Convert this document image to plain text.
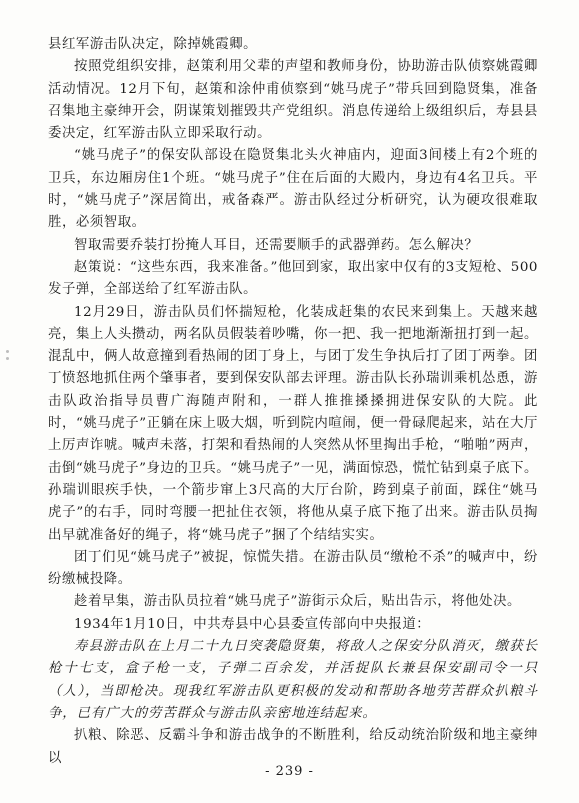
县红军游击队决定，除掉姚霞卿。

按照党组织安排，赵策利用父辈的声望和教师身份，协助游击队侦察姚霞卿活动情况。12月下旬，赵策和涂仲甫侦察到“姚马虎子”带兵回到隐贤集，准备召集地主豪绅开会，阴谋策划摧毁共产党组织。消息传递给上级组织后，寿县县委决定，红军游击队立即采取行动。

“姚马虎子”的保安队部设在隐贤集北头火神庙内，迎面3间楼上有2个班的卫兵，东边厢房住1个班。“姚马虎子”住在后面的大殿内，身边有4名卫兵。平时，“姚马虎子”深居简出，戒备森严。游击队经过分析研究，认为硬攻很难取胜，必须智取。

智取需要乔装打扮掩人耳目，还需要顺手的武器弹药。怎么解决？

赵策说：“这些东西，我来准备。”他回到家，取出家中仅有的3支短枪、500发子弹，全部送给了红军游击队。

12月29日，游击队员们怀揣短枪，化装成赶集的农民来到集上。天越来越亮，集上人头攒动，两名队员假装着吵嘴，你一把、我一把地渐渐扭打到一起。混乱中，俩人故意撞到看热闹的团丁身上，与团丁发生争执后打了团丁两拳。团丁愤怒地抓住两个肇事者，要到保安队部去评理。游击队长孙瑞训乘机怂恿，游击队政治指导员曹广海随声附和，一群人推推搡搡拥进保安队的大院。此时，“姚马虎子”正躺在床上吸大烟，听到院内喧闹，便一骨碌爬起来，站在大厅上厉声诈唬。喊声未落，打架和看热闹的人突然从怀里掏出手枪，“啪啪”两声，击倒“姚马虎子”身边的卫兵。“姚马虎子”一见，满面惊恐，慌忙钻到桌子底下。孙瑞训眼疾手快，一个箭步窜上3尺高的大厅台阶，跨到桌子前面，踩住“姚马虎子”的右手，同时弯腰一把扯住衣领，将他从桌子底下拖了出来。游击队员掏出早就准备好的绳子，将“姚马虎子”捆了个结结实实。

团丁们见“姚马虎子”被捉，惊慌失措。在游击队员“缴枪不杀”的喊声中，纷纷缴械投降。

趁着早集，游击队员拉着“姚马虎子”游街示众后，贴出告示，将他处决。

1934年1月10日，中共寿县中心县委宣传部向中央报道：

寿县游击队在上月二十九日突袭隐贤集，将敌人之保安分队消灭，缴获长枪十七支，盒子枪一支，子弹二百余发，并活捉队长兼县保安副司令一只（人），当即枪决。现我红军游击队更积极的发动和帮助各地劳苦群众扒粮斗争，已有广大的劳苦群众与游击队亲密地连结起来。

扒粮、除恶、反霸斗争和游击战争的不断胜利，给反动统治阶级和地主豪绅以

- 239 -
